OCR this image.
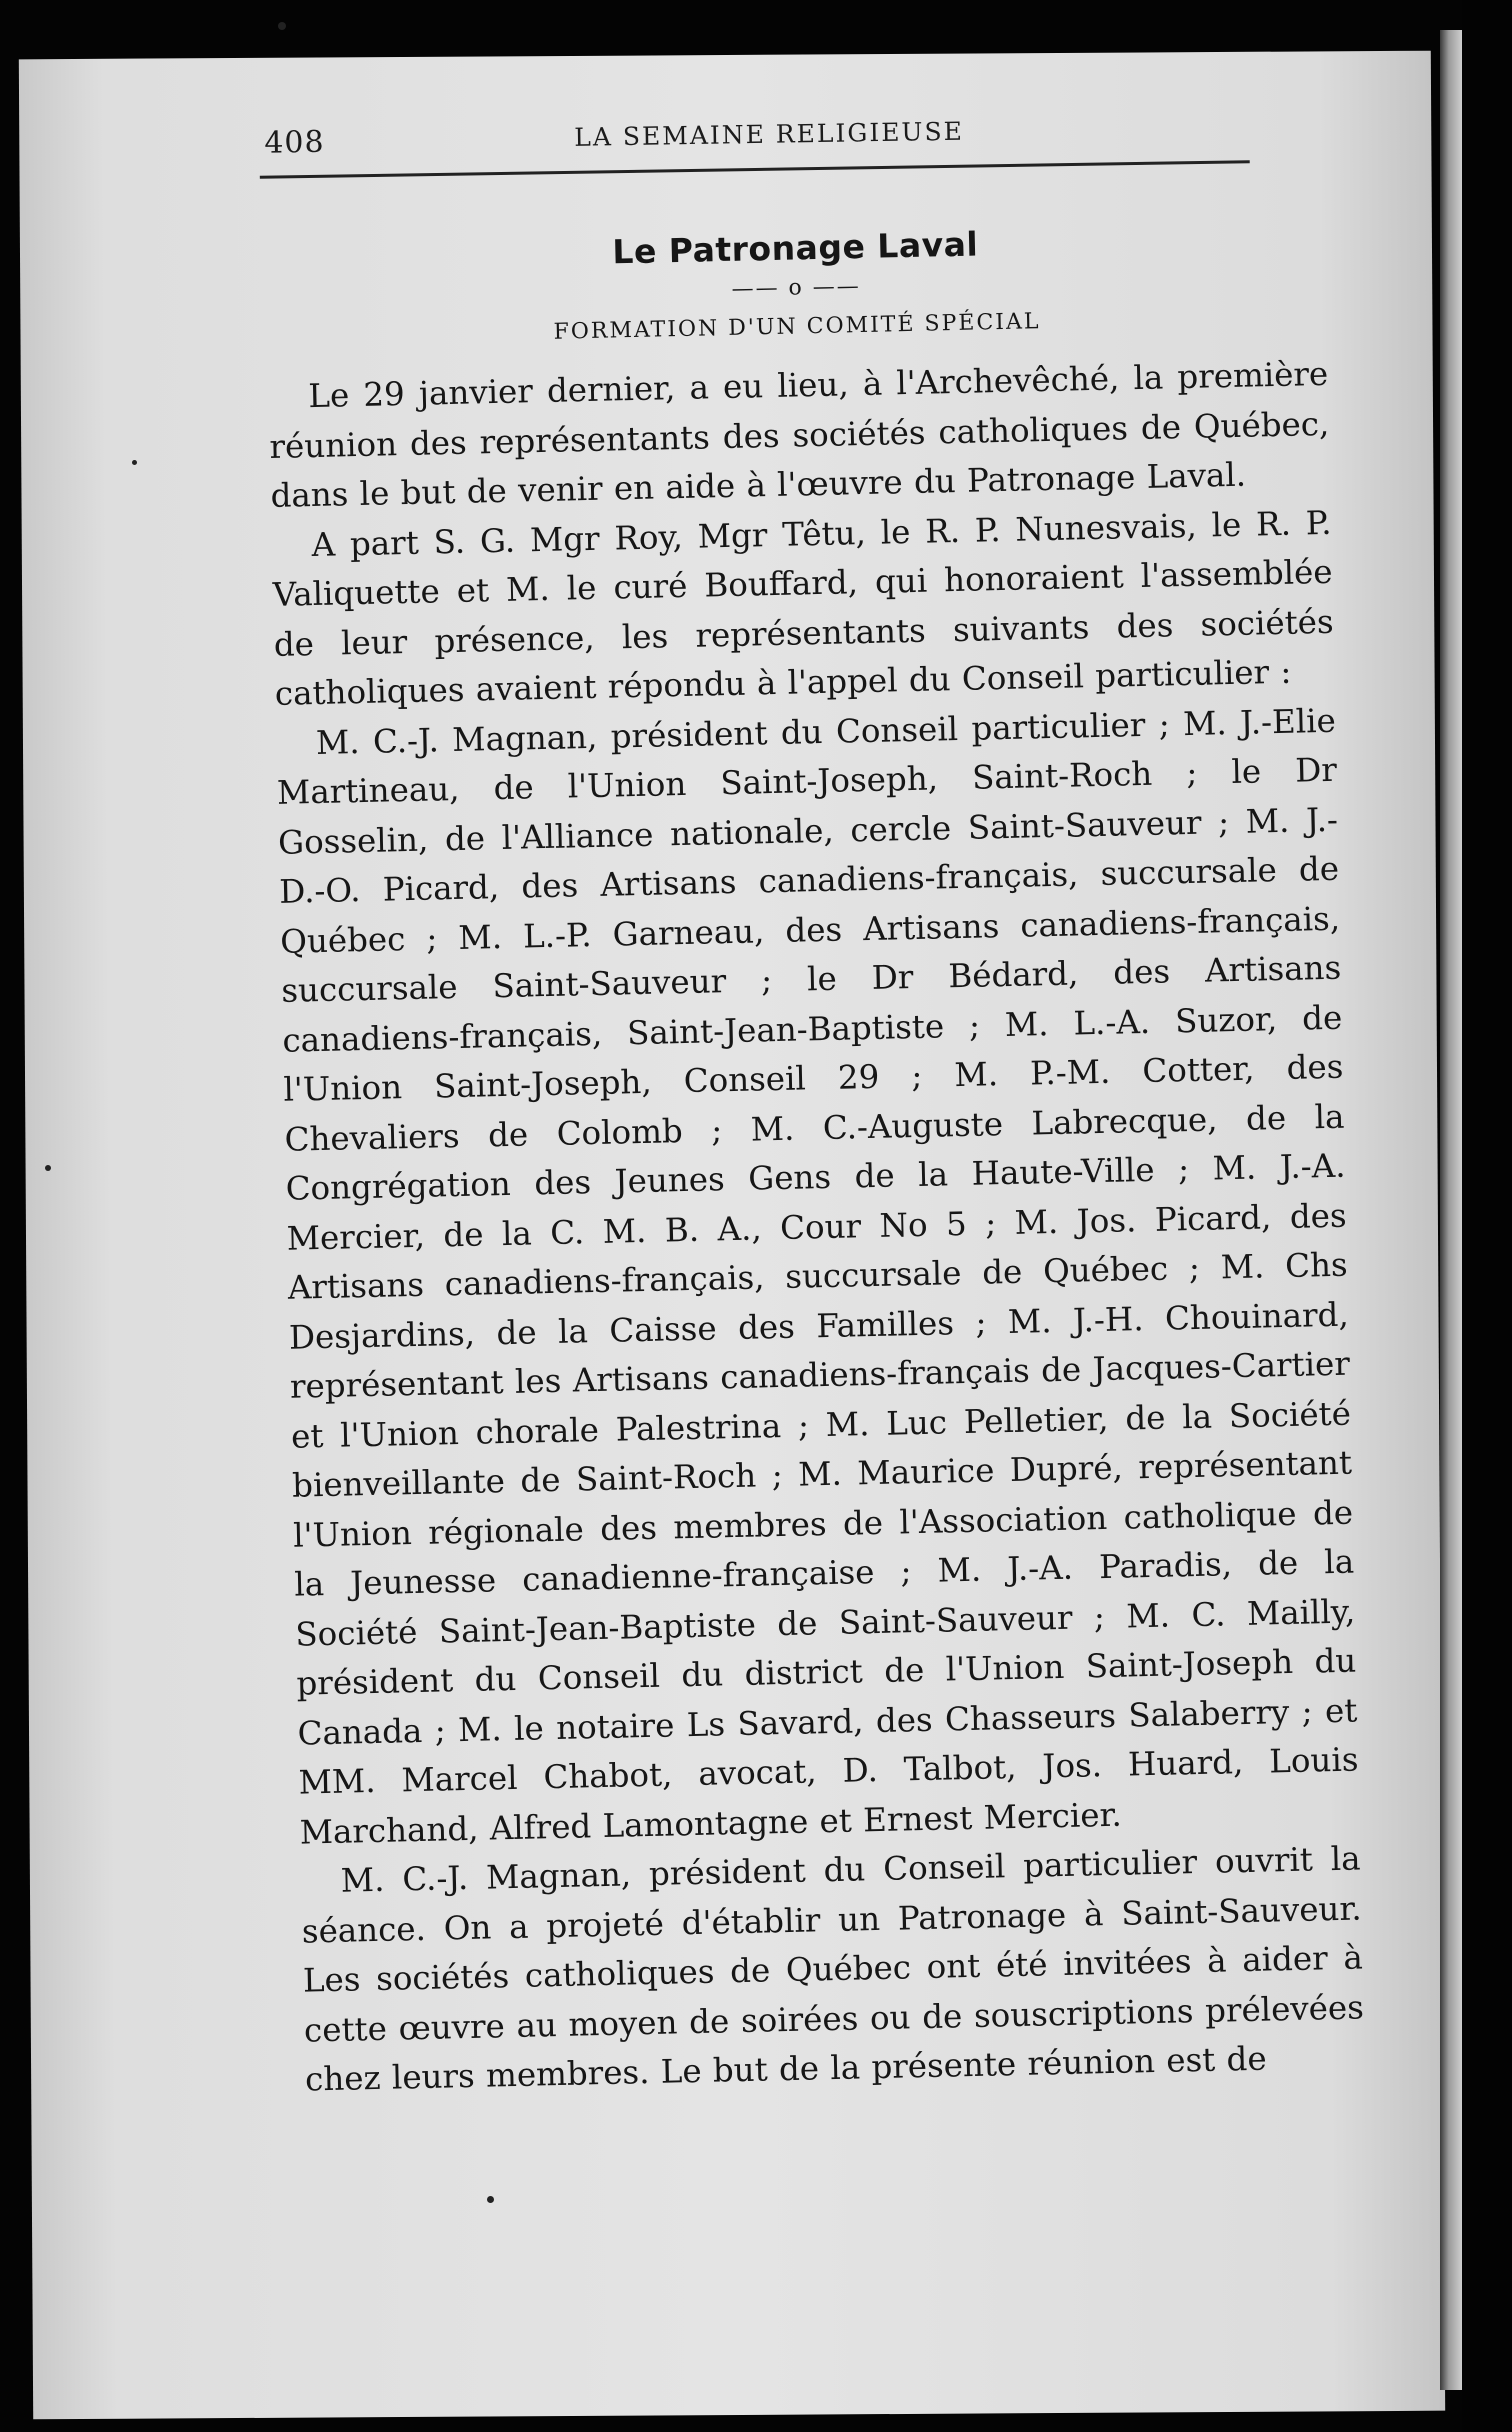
408	LA SEMAINE RELIGIEUSE
Le Patronage Laval
—— o ——
FORMATION D'UN COMITÉ SPÉCIAL

Le 29 janvier dernier, a eu lieu, à l'Archevêché, la première réunion des représentants des sociétés catholiques de Québec, dans le but de venir en aide à l'œuvre du Patronage Laval.

A part S. G. Mgr Roy, Mgr Têtu, le R. P. Nunesvais, le R. P. Valiquette et M. le curé Bouffard, qui honoraient l'assemblée de leur présence, les représentants suivants des sociétés catholiques avaient répondu à l'appel du Conseil particulier :

M. C.-J. Magnan, président du Conseil particulier ; M. J.-Elie Martineau, de l'Union Saint-Joseph, Saint-Roch ; le Dr Gosselin, de l'Alliance nationale, cercle Saint-Sauveur ; M. J.-D.-O. Picard, des Artisans canadiens-français, succursale de Québec ; M. L.-P. Garneau, des Artisans canadiens-français, succursale Saint-Sauveur ; le Dr Bédard, des Artisans canadiens-français, Saint-Jean-Baptiste ; M. L.-A. Suzor, de l'Union Saint-Joseph, Conseil 29 ; M. P.-M. Cotter, des Chevaliers de Colomb ; M. C.-Auguste Labrecque, de la Congrégation des Jeunes Gens de la Haute-Ville ; M. J.-A. Mercier, de la C. M. B. A., Cour No 5 ; M. Jos. Picard, des Artisans canadiens-français, succursale de Québec ; M. Chs Desjardins, de la Caisse des Familles ; M. J.-H. Chouinard, représentant les Artisans canadiens-français de Jacques-Cartier et l'Union chorale Palestrina ; M. Luc Pelletier, de la Société bienveillante de Saint-Roch ; M. Maurice Dupré, représentant l'Union régionale des membres de l'Association catholique de la Jeunesse canadienne-française ; M. J.-A. Paradis, de la Société Saint-Jean-Baptiste de Saint-Sauveur ; M. C. Mailly, président du Conseil du district de l'Union Saint-Joseph du Canada ; M. le notaire Ls Savard, des Chasseurs Salaberry ; et MM. Marcel Chabot, avocat, D. Talbot, Jos. Huard, Louis Marchand, Alfred Lamontagne et Ernest Mercier.

M. C.-J. Magnan, président du Conseil particulier ouvrit la séance. On a projeté d'établir un Patronage à Saint-Sauveur. Les sociétés catholiques de Québec ont été invitées à aider à cette œuvre au moyen de soirées ou de souscriptions prélevées chez leurs membres. Le but de la présente réunion est de
